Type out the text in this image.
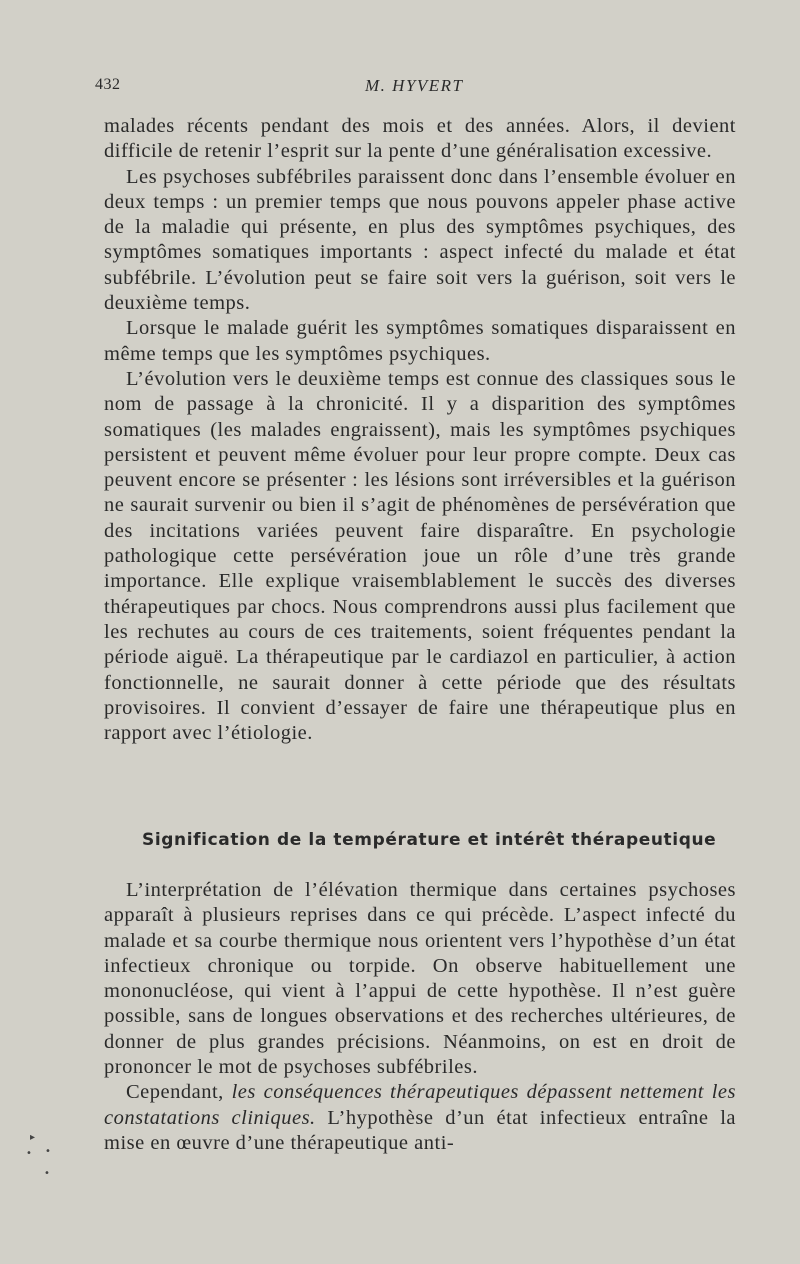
432	M. HYVERT

malades récents pendant des mois et des années. Alors, il devient difficile de retenir l’esprit sur la pente d’une généralisation excessive.

Les psychoses subfébriles paraissent donc dans l’ensemble évoluer en deux temps : un premier temps que nous pouvons appeler phase active de la maladie qui présente, en plus des symptômes psychiques, des symptômes somatiques importants : aspect infecté du malade et état subfébrile. L’évolution peut se faire soit vers la guérison, soit vers le deuxième temps.

Lorsque le malade guérit les symptômes somatiques disparaissent en même temps que les symptômes psychiques.

L’évolution vers le deuxième temps est connue des classiques sous le nom de passage à la chronicité. Il y a disparition des symptômes somatiques (les malades engraissent), mais les symptômes psychiques persistent et peuvent même évoluer pour leur propre compte. Deux cas peuvent encore se présenter : les lésions sont irréversibles et la guérison ne saurait survenir ou bien il s’agit de phénomènes de persévération que des incitations variées peuvent faire disparaître. En psychologie pathologique cette persévération joue un rôle d’une très grande importance. Elle explique vraisemblablement le succès des diverses thérapeutiques par chocs. Nous comprendrons aussi plus facilement que les rechutes au cours de ces traitements, soient fréquentes pendant la période aiguë. La thérapeutique par le cardiazol en particulier, à action fonctionnelle, ne saurait donner à cette période que des résultats provisoires. Il convient d’essayer de faire une thérapeutique plus en rapport avec l’étiologie.

Signification de la température et intérêt thérapeutique

L’interprétation de l’élévation thermique dans certaines psychoses apparaît à plusieurs reprises dans ce qui précède. L’aspect infecté du malade et sa courbe thermique nous orientent vers l’hypothèse d’un état infectieux chronique ou torpide. On observe habituellement une mononucléose, qui vient à l’appui de cette hypothèse. Il n’est guère possible, sans de longues observations et des recherches ultérieures, de donner de plus grandes précisions. Néanmoins, on est en droit de prononcer le mot de psychoses subfébriles.

Cependant, les conséquences thérapeutiques dépassent nettement les constatations cliniques. L’hypothèse d’un état infectieux entraîne la mise en œuvre d’une thérapeutique anti-

▸
• •
•
